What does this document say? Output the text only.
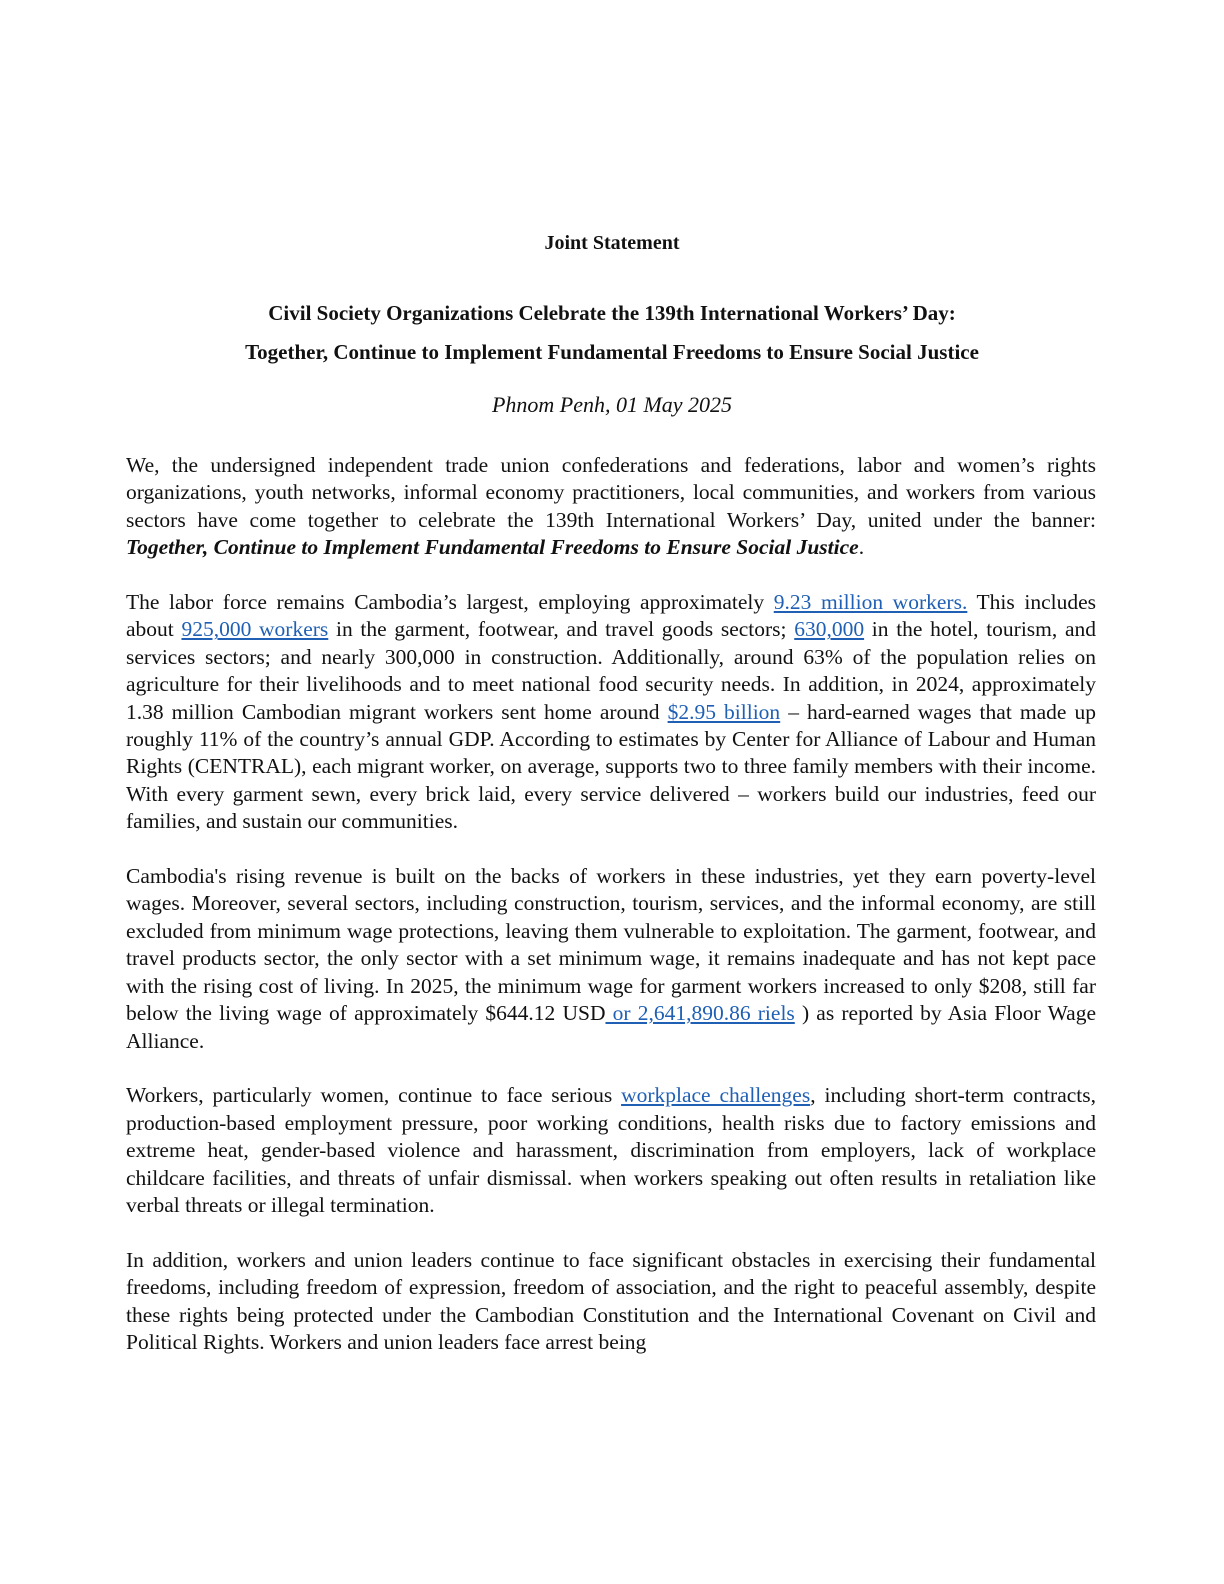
Joint Statement
Civil Society Organizations Celebrate the 139th International Workers’ Day:
Together, Continue to Implement Fundamental Freedoms to Ensure Social Justice
Phnom Penh, 01 May 2025

We, the undersigned independent trade union confederations and federations, labor and women’s rights organizations, youth networks, informal economy practitioners, local communities, and workers from various sectors have come together to celebrate the 139th International Workers’ Day, united under the banner: Together, Continue to Implement Fundamental Freedoms to Ensure Social Justice.

The labor force remains Cambodia’s largest, employing approximately 9.23 million workers. This includes about 925,000 workers in the garment, footwear, and travel goods sectors; 630,000 in the hotel, tourism, and services sectors; and nearly 300,000 in construction. Additionally, around 63% of the population relies on agriculture for their livelihoods and to meet national food security needs. In addition, in 2024, approximately 1.38 million Cambodian migrant workers sent home around $2.95 billion – hard-earned wages that made up roughly 11% of the country’s annual GDP. According to estimates by Center for Alliance of Labour and Human Rights (CENTRAL), each migrant worker, on average, supports two to three family members with their income. With every garment sewn, every brick laid, every service delivered – workers build our industries, feed our families, and sustain our communities.

Cambodia's rising revenue is built on the backs of workers in these industries, yet they earn poverty-level wages. Moreover, several sectors, including construction, tourism, services, and the informal economy, are still excluded from minimum wage protections, leaving them vulnerable to exploitation. The garment, footwear, and travel products sector, the only sector with a set minimum wage, it remains inadequate and has not kept pace with the rising cost of living. In 2025, the minimum wage for garment workers increased to only $208, still far below the living wage of approximately $644.12 USD or 2,641,890.86 riels ) as reported by Asia Floor Wage Alliance.

Workers, particularly women, continue to face serious workplace challenges, including short-term contracts, production-based employment pressure, poor working conditions, health risks due to factory emissions and extreme heat, gender-based violence and harassment, discrimination from employers, lack of workplace childcare facilities, and threats of unfair dismissal. when workers speaking out often results in retaliation like verbal threats or illegal termination.

In addition, workers and union leaders continue to face significant obstacles in exercising their fundamental freedoms, including freedom of expression, freedom of association, and the right to peaceful assembly, despite these rights being protected under the Cambodian Constitution and the International Covenant on Civil and Political Rights. Workers and union leaders face arrest being
